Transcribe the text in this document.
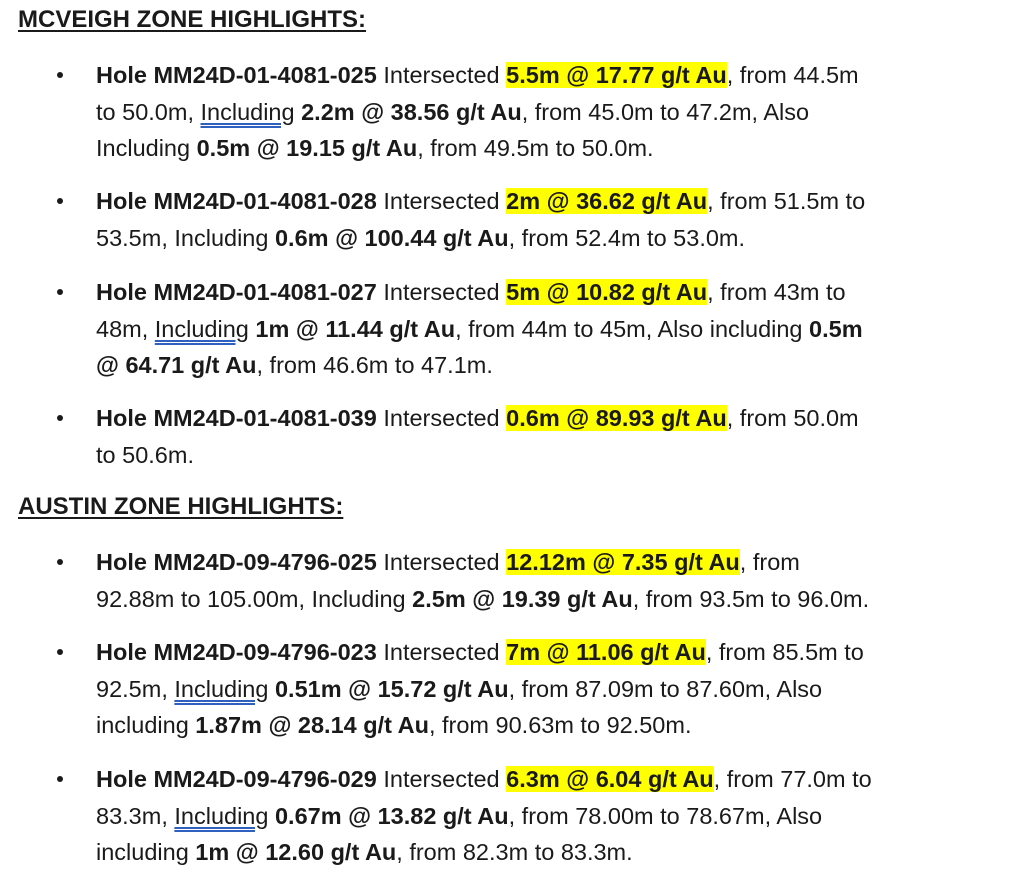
MCVEIGH ZONE HIGHLIGHTS:
Hole MM24D-01-4081-025 Intersected 5.5m @ 17.77 g/t Au, from 44.5m
to 50.0m, Including 2.2m @ 38.56 g/t Au, from 45.0m to 47.2m, Also
Including 0.5m @ 19.15 g/t Au, from 49.5m to 50.0m.
Hole MM24D-01-4081-028 Intersected 2m @ 36.62 g/t Au, from 51.5m to
53.5m, Including 0.6m @ 100.44 g/t Au, from 52.4m to 53.0m.
Hole MM24D-01-4081-027 Intersected 5m @ 10.82 g/t Au, from 43m to
48m, Including 1m @ 11.44 g/t Au, from 44m to 45m, Also including 0.5m
@ 64.71 g/t Au, from 46.6m to 47.1m.
Hole MM24D-01-4081-039 Intersected 0.6m @ 89.93 g/t Au, from 50.0m
to 50.6m.
AUSTIN ZONE HIGHLIGHTS:
Hole MM24D-09-4796-025 Intersected 12.12m @ 7.35 g/t Au, from
92.88m to 105.00m, Including 2.5m @ 19.39 g/t Au, from 93.5m to 96.0m.
Hole MM24D-09-4796-023 Intersected 7m @ 11.06 g/t Au, from 85.5m to
92.5m, Including 0.51m @ 15.72 g/t Au, from 87.09m to 87.60m, Also
including 1.87m @ 28.14 g/t Au, from 90.63m to 92.50m.
Hole MM24D-09-4796-029 Intersected 6.3m @ 6.04 g/t Au, from 77.0m to
83.3m, Including 0.67m @ 13.82 g/t Au, from 78.00m to 78.67m, Also
including 1m @ 12.60 g/t Au, from 82.3m to 83.3m.
